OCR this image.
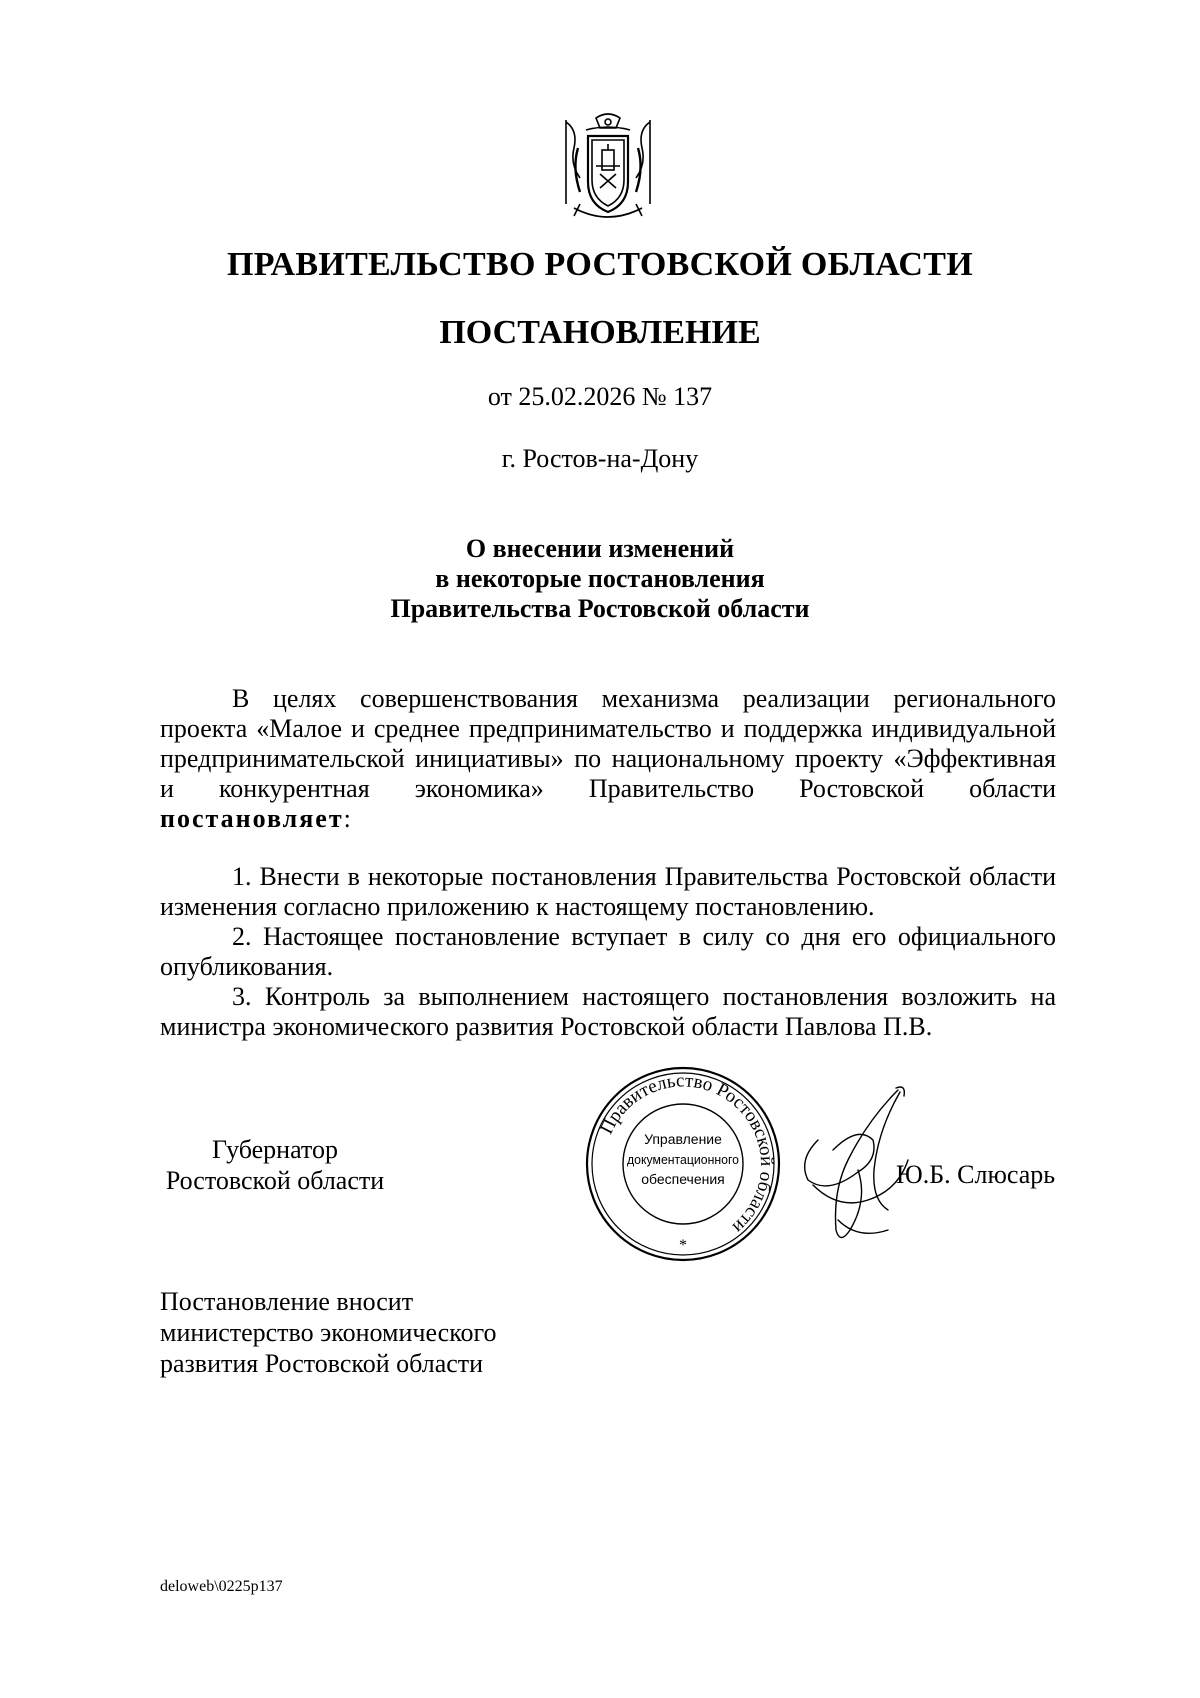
ПРАВИТЕЛЬСТВО РОСТОВСКОЙ ОБЛАСТИ
ПОСТАНОВЛЕНИЕ
от 25.02.2026 № 137
г. Ростов-на-Дону
О внесении изменений
в некоторые постановления
Правительства Ростовской области
В целях совершенствования механизма реализации регионального проекта «Малое и среднее предпринимательство и поддержка индивидуальной предпринимательской инициативы» по национальному проекту «Эффективная и конкурентная экономика» Правительство Ростовской области постановляет:
1. Внести в некоторые постановления Правительства Ростовской области изменения согласно приложению к настоящему постановлению.
2. Настоящее постановление вступает в силу со дня его официального опубликования.
3. Контроль за выполнением настоящего постановления возложить на министра экономического развития Ростовской области Павлова П.В.
Губернатор
Ростовской области
Правительство Ростовской области
Управление
документационного
обеспечения
*
Ю.Б. Слюсарь
Постановление вносит
министерство экономического
развития Ростовской области
deloweb\0225p137
